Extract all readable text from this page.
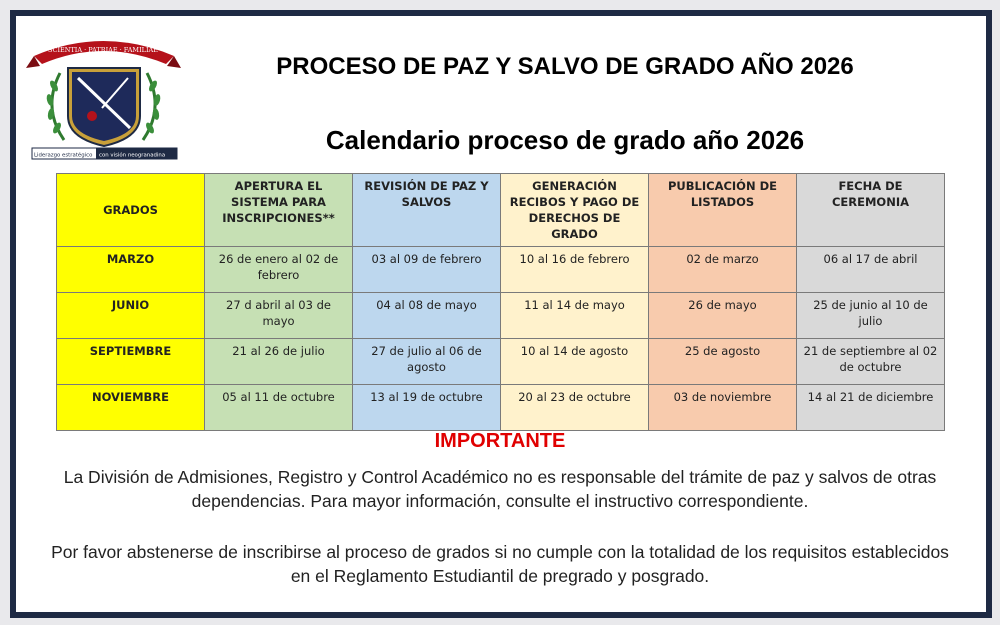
SCIENTIA · PATRIAE · FAMILIAE
Liderazgo estratégico con visión neogranadina
PROCESO DE PAZ Y SALVO DE GRADO AÑO 2026
Calendario proceso de grado año 2026
GRADOS	APERTURA EL SISTEMA PARA INSCRIPCIONES**	REVISIÓN DE PAZ Y SALVOS	GENERACIÓN RECIBOS Y PAGO DE DERECHOS DE GRADO	PUBLICACIÓN DE LISTADOS	FECHA DE CEREMONIA
MARZO	26 de enero al 02 de febrero	03 al 09 de febrero	10 al 16 de febrero	02 de marzo	06 al 17 de abril
JUNIO	27 d abril al 03 de mayo	04 al 08 de mayo	11 al 14 de mayo	26 de mayo	25 de junio al 10 de julio
SEPTIEMBRE	21 al 26 de julio	27 de julio al 06 de agosto	10 al 14 de agosto	25 de agosto	21 de septiembre al 02 de octubre
NOVIEMBRE	05 al 11 de octubre	13 al 19 de octubre	20 al 23 de octubre	03 de noviembre	14 al 21 de diciembre
IMPORTANTE

La División de Admisiones, Registro y Control Académico no es responsable del trámite de paz y salvos de otras dependencias. Para mayor información, consulte el instructivo correspondiente.

Por favor abstenerse de inscribirse al proceso de grados si no cumple con la totalidad de los requisitos establecidos en el Reglamento Estudiantil de pregrado y posgrado.
